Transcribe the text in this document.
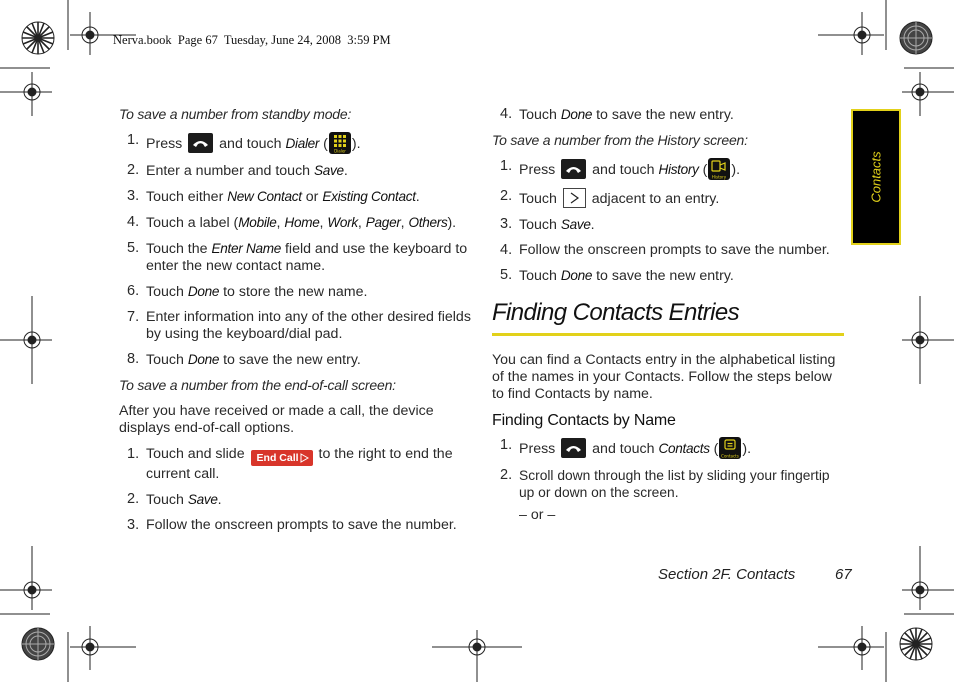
Nerva.book  Page 67  Tuesday, June 24, 2008  3:59 PM
To save a number from standby mode:
1. Press	and touch Dialer ( Dialer ).
2. Enter a number and touch Save.
3. Touch either New Contact or Existing Contact.
4. Touch a label (Mobile, Home, Work, Pager, Others).
5. Touch the Enter Name field and use the keyboard to enter the new contact name.
6. Touch Done to store the new name.
7. Enter information into any of the other desired fields by using the keyboard/dial pad.
8. Touch Done to save the new entry.
To save a number from the end-of-call screen:
After you have received or made a call, the device displays end-of-call options.
1. Touch and slide End Call to the right to end the current call.
2. Touch Save.
3. Follow the onscreen prompts to save the number.
4. Touch Done to save the new entry.
To save a number from the History screen:
1. Press	and touch History ( History ).
2. Touch adjacent to an entry.
3. Touch Save.
4. Follow the onscreen prompts to save the number.
5. Touch Done to save the new entry.
Finding Contacts Entries
You can find a Contacts entry in the alphabetical listing of the names in your Contacts. Follow the steps below to find Contacts by name.
Finding Contacts by Name
1. Press	and touch Contacts ( Contacts ).
2. Scroll down through the list by sliding your fingertip up or down on the screen.
– or –
Contacts
Section 2F. Contacts	67
